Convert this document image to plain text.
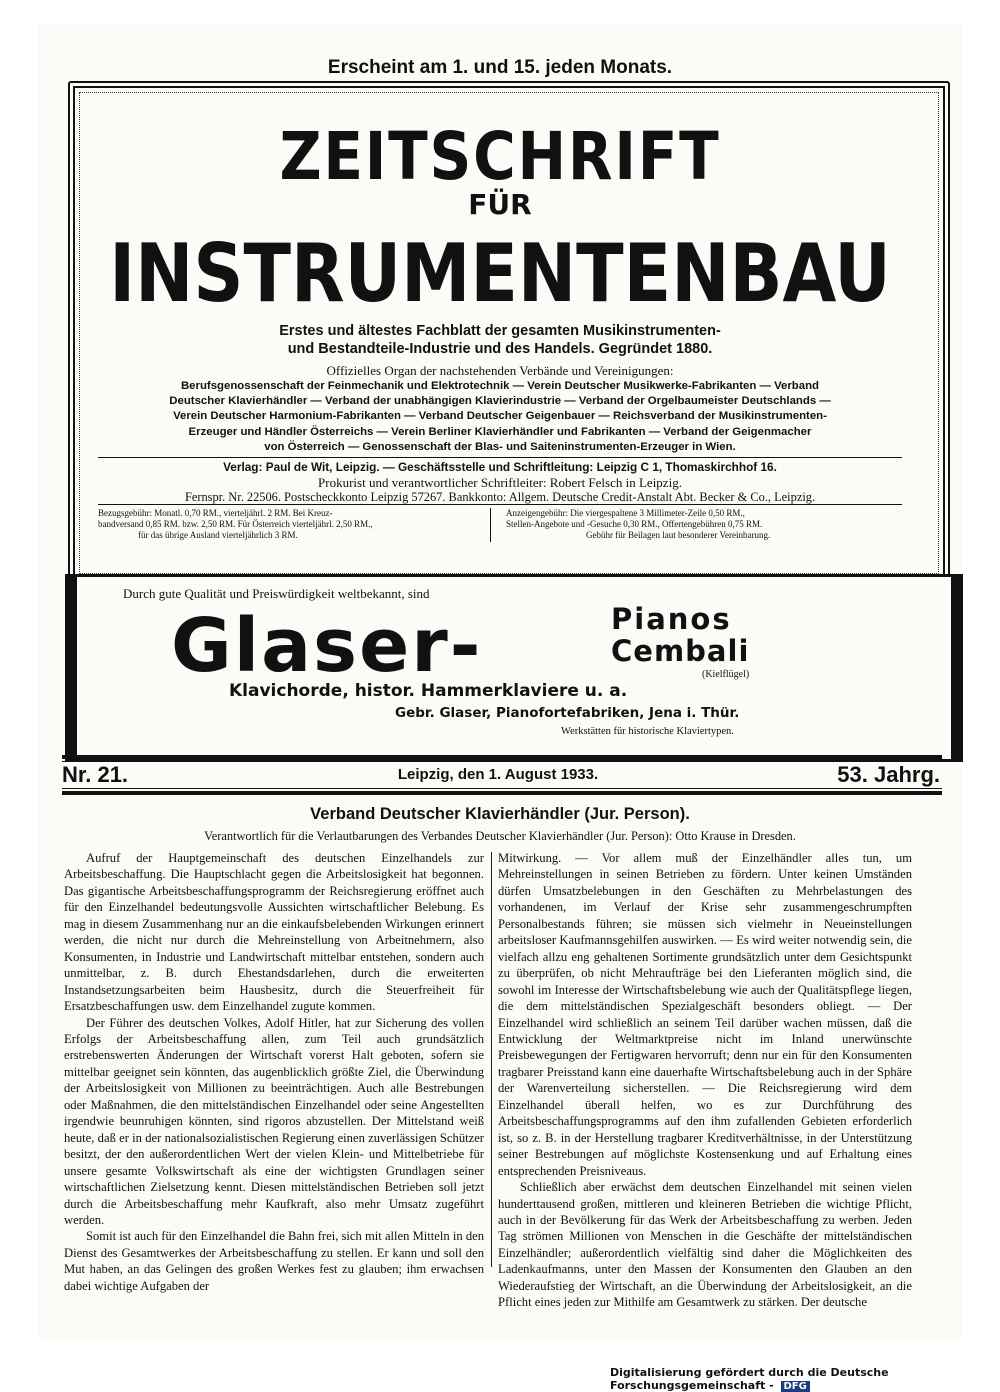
Erscheint am 1. und 15. jeden Monats.
ZEITSCHRIFT
FÜR
INSTRUMENTENBAU
Erstes und ältestes Fachblatt der gesamten Musikinstrumenten-
und Bestandteile-Industrie und des Handels. Gegründet 1880.
Offizielles Organ der nachstehenden Verbände und Vereinigungen:
Berufsgenossenschaft der Feinmechanik und Elektrotechnik — Verein Deutscher Musikwerke-Fabrikanten — Verband
Deutscher Klavierhändler — Verband der unabhängigen Klavierindustrie — Verband der Orgelbaumeister Deutschlands —
Verein Deutscher Harmonium-Fabrikanten — Verband Deutscher Geigenbauer — Reichsverband der Musikinstrumenten-
Erzeuger und Händler Österreichs — Verein Berliner Klavierhändler und Fabrikanten — Verband der Geigenmacher
von Österreich — Genossenschaft der Blas- und Saiteninstrumenten-Erzeuger in Wien.
Verlag: Paul de Wit, Leipzig. — Geschäftsstelle und Schriftleitung: Leipzig C 1, Thomaskirchhof 16.
Prokurist und verantwortlicher Schriftleiter: Robert Felsch in Leipzig.
Fernspr. Nr. 22506. Postscheckkonto Leipzig 57267. Bankkonto: Allgem. Deutsche Credit-Anstalt Abt. Becker & Co., Leipzig.
Bezugsgebühr: Monatl. 0,70 RM., vierteljährl. 2 RM. Bei Kreuz-
bandversand 0,85 RM. bzw. 2,50 RM. Für Österreich vierteljährl. 2,50 RM.,
für das übrige Ausland vierteljährlich 3 RM.
Anzeigengebühr: Die viergespaltene 3 Millimeter-Zeile 0,50 RM.,
Stellen-Angebote und -Gesuche 0,30 RM., Offertengebühren 0,75 RM.
Gebühr für Beilagen laut besonderer Vereinbarung.
Durch gute Qualität und Preiswürdigkeit weltbekannt, sind
Glaser-	Pianos
Cembali
(Kielflügel)
Klavichorde, histor. Hammerklaviere u. a.
Gebr. Glaser, Pianofortefabriken, Jena i. Thür.
Werkstätten für historische Klaviertypen.
Nr. 21.	Leipzig, den 1. August 1933.	53. Jahrg.
Verband Deutscher Klavierhändler (Jur. Person).
Verantwortlich für die Verlautbarungen des Verbandes Deutscher Klavierhändler (Jur. Person): Otto Krause in Dresden.

Aufruf der Hauptgemeinschaft des deutschen Einzelhandels zur Arbeitsbeschaffung. Die Hauptschlacht gegen die Arbeitslosigkeit hat begonnen. Das gigantische Arbeitsbeschaffungsprogramm der Reichsregierung eröffnet auch für den Einzelhandel bedeutungsvolle Aussichten wirtschaftlicher Belebung. Es mag in diesem Zusammenhang nur an die einkaufsbelebenden Wirkungen erinnert werden, die nicht nur durch die Mehreinstellung von Arbeitnehmern, also Konsumenten, in Industrie und Landwirtschaft mittelbar entstehen, sondern auch unmittelbar, z. B. durch Ehestandsdarlehen, durch die erweiterten Instandsetzungsarbeiten beim Hausbesitz, durch die Steuerfreiheit für Ersatzbeschaffungen usw. dem Einzelhandel zugute kommen.

Der Führer des deutschen Volkes, Adolf Hitler, hat zur Sicherung des vollen Erfolgs der Arbeitsbeschaffung allen, zum Teil auch grundsätzlich erstrebenswerten Änderungen der Wirtschaft vorerst Halt geboten, sofern sie mittelbar geeignet sein könnten, das augenblicklich größte Ziel, die Überwindung der Arbeitslosigkeit von Millionen zu beeinträchtigen. Auch alle Bestrebungen oder Maßnahmen, die den mittelständischen Einzelhandel oder seine Angestellten irgendwie beunruhigen könnten, sind rigoros abzustellen. Der Mittelstand weiß heute, daß er in der nationalsozialistischen Regierung einen zuverlässigen Schützer besitzt, der den außerordentlichen Wert der vielen Klein- und Mittelbetriebe für unsere gesamte Volkswirtschaft als eine der wichtigsten Grundlagen seiner wirtschaftlichen Zielsetzung kennt. Diesen mittelständischen Betrieben soll jetzt durch die Arbeitsbeschaffung mehr Kaufkraft, also mehr Umsatz zugeführt werden.

Somit ist auch für den Einzelhandel die Bahn frei, sich mit allen Mitteln in den Dienst des Gesamtwerkes der Arbeitsbeschaffung zu stellen. Er kann und soll den Mut haben, an das Gelingen des großen Werkes fest zu glauben; ihm erwachsen dabei wichtige Aufgaben der

Mitwirkung. — Vor allem muß der Einzelhändler alles tun, um Mehreinstellungen in seinen Betrieben zu fördern. Unter keinen Umständen dürfen Umsatzbelebungen in den Geschäften zu Mehrbelastungen des vorhandenen, im Verlauf der Krise sehr zusammengeschrumpften Personalbestands führen; sie müssen sich vielmehr in Neueinstellungen arbeitsloser Kaufmannsgehilfen auswirken. — Es wird weiter notwendig sein, die vielfach allzu eng gehaltenen Sortimente grundsätzlich unter dem Gesichtspunkt zu überprüfen, ob nicht Mehraufträge bei den Lieferanten möglich sind, die sowohl im Interesse der Wirtschaftsbelebung wie auch der Qualitätspflege liegen, die dem mittelständischen Spezialgeschäft besonders obliegt. — Der Einzelhandel wird schließlich an seinem Teil darüber wachen müssen, daß die Entwicklung der Weltmarktpreise nicht im Inland unerwünschte Preisbewegungen der Fertigwaren hervorruft; denn nur ein für den Konsumenten tragbarer Preisstand kann eine dauerhafte Wirtschaftsbelebung auch in der Sphäre der Warenverteilung sicherstellen. — Die Reichsregierung wird dem Einzelhandel überall helfen, wo es zur Durchführung des Arbeitsbeschaffungsprogramms auf den ihm zufallenden Gebieten erforderlich ist, so z. B. in der Herstellung tragbarer Kreditverhältnisse, in der Unterstützung seiner Bestrebungen auf möglichste Kostensenkung und auf Erhaltung eines entsprechenden Preisniveaus.

Schließlich aber erwächst dem deutschen Einzelhandel mit seinen vielen hunderttausend großen, mittleren und kleineren Betrieben die wichtige Pflicht, auch in der Bevölkerung für das Werk der Arbeitsbeschaffung zu werben. Jeden Tag strömen Millionen von Menschen in die Geschäfte der mittelständischen Einzelhändler; außerordentlich vielfältig sind daher die Möglichkeiten des Ladenkaufmanns, unter den Massen der Konsumenten den Glauben an den Wiederaufstieg der Wirtschaft, an die Überwindung der Arbeitslosigkeit, an die Pflicht eines jeden zur Mithilfe am Gesamtwerk zu stärken. Der deutsche

Digitalisierung gefördert durch die Deutsche Forschungsgemeinschaft - DFG
